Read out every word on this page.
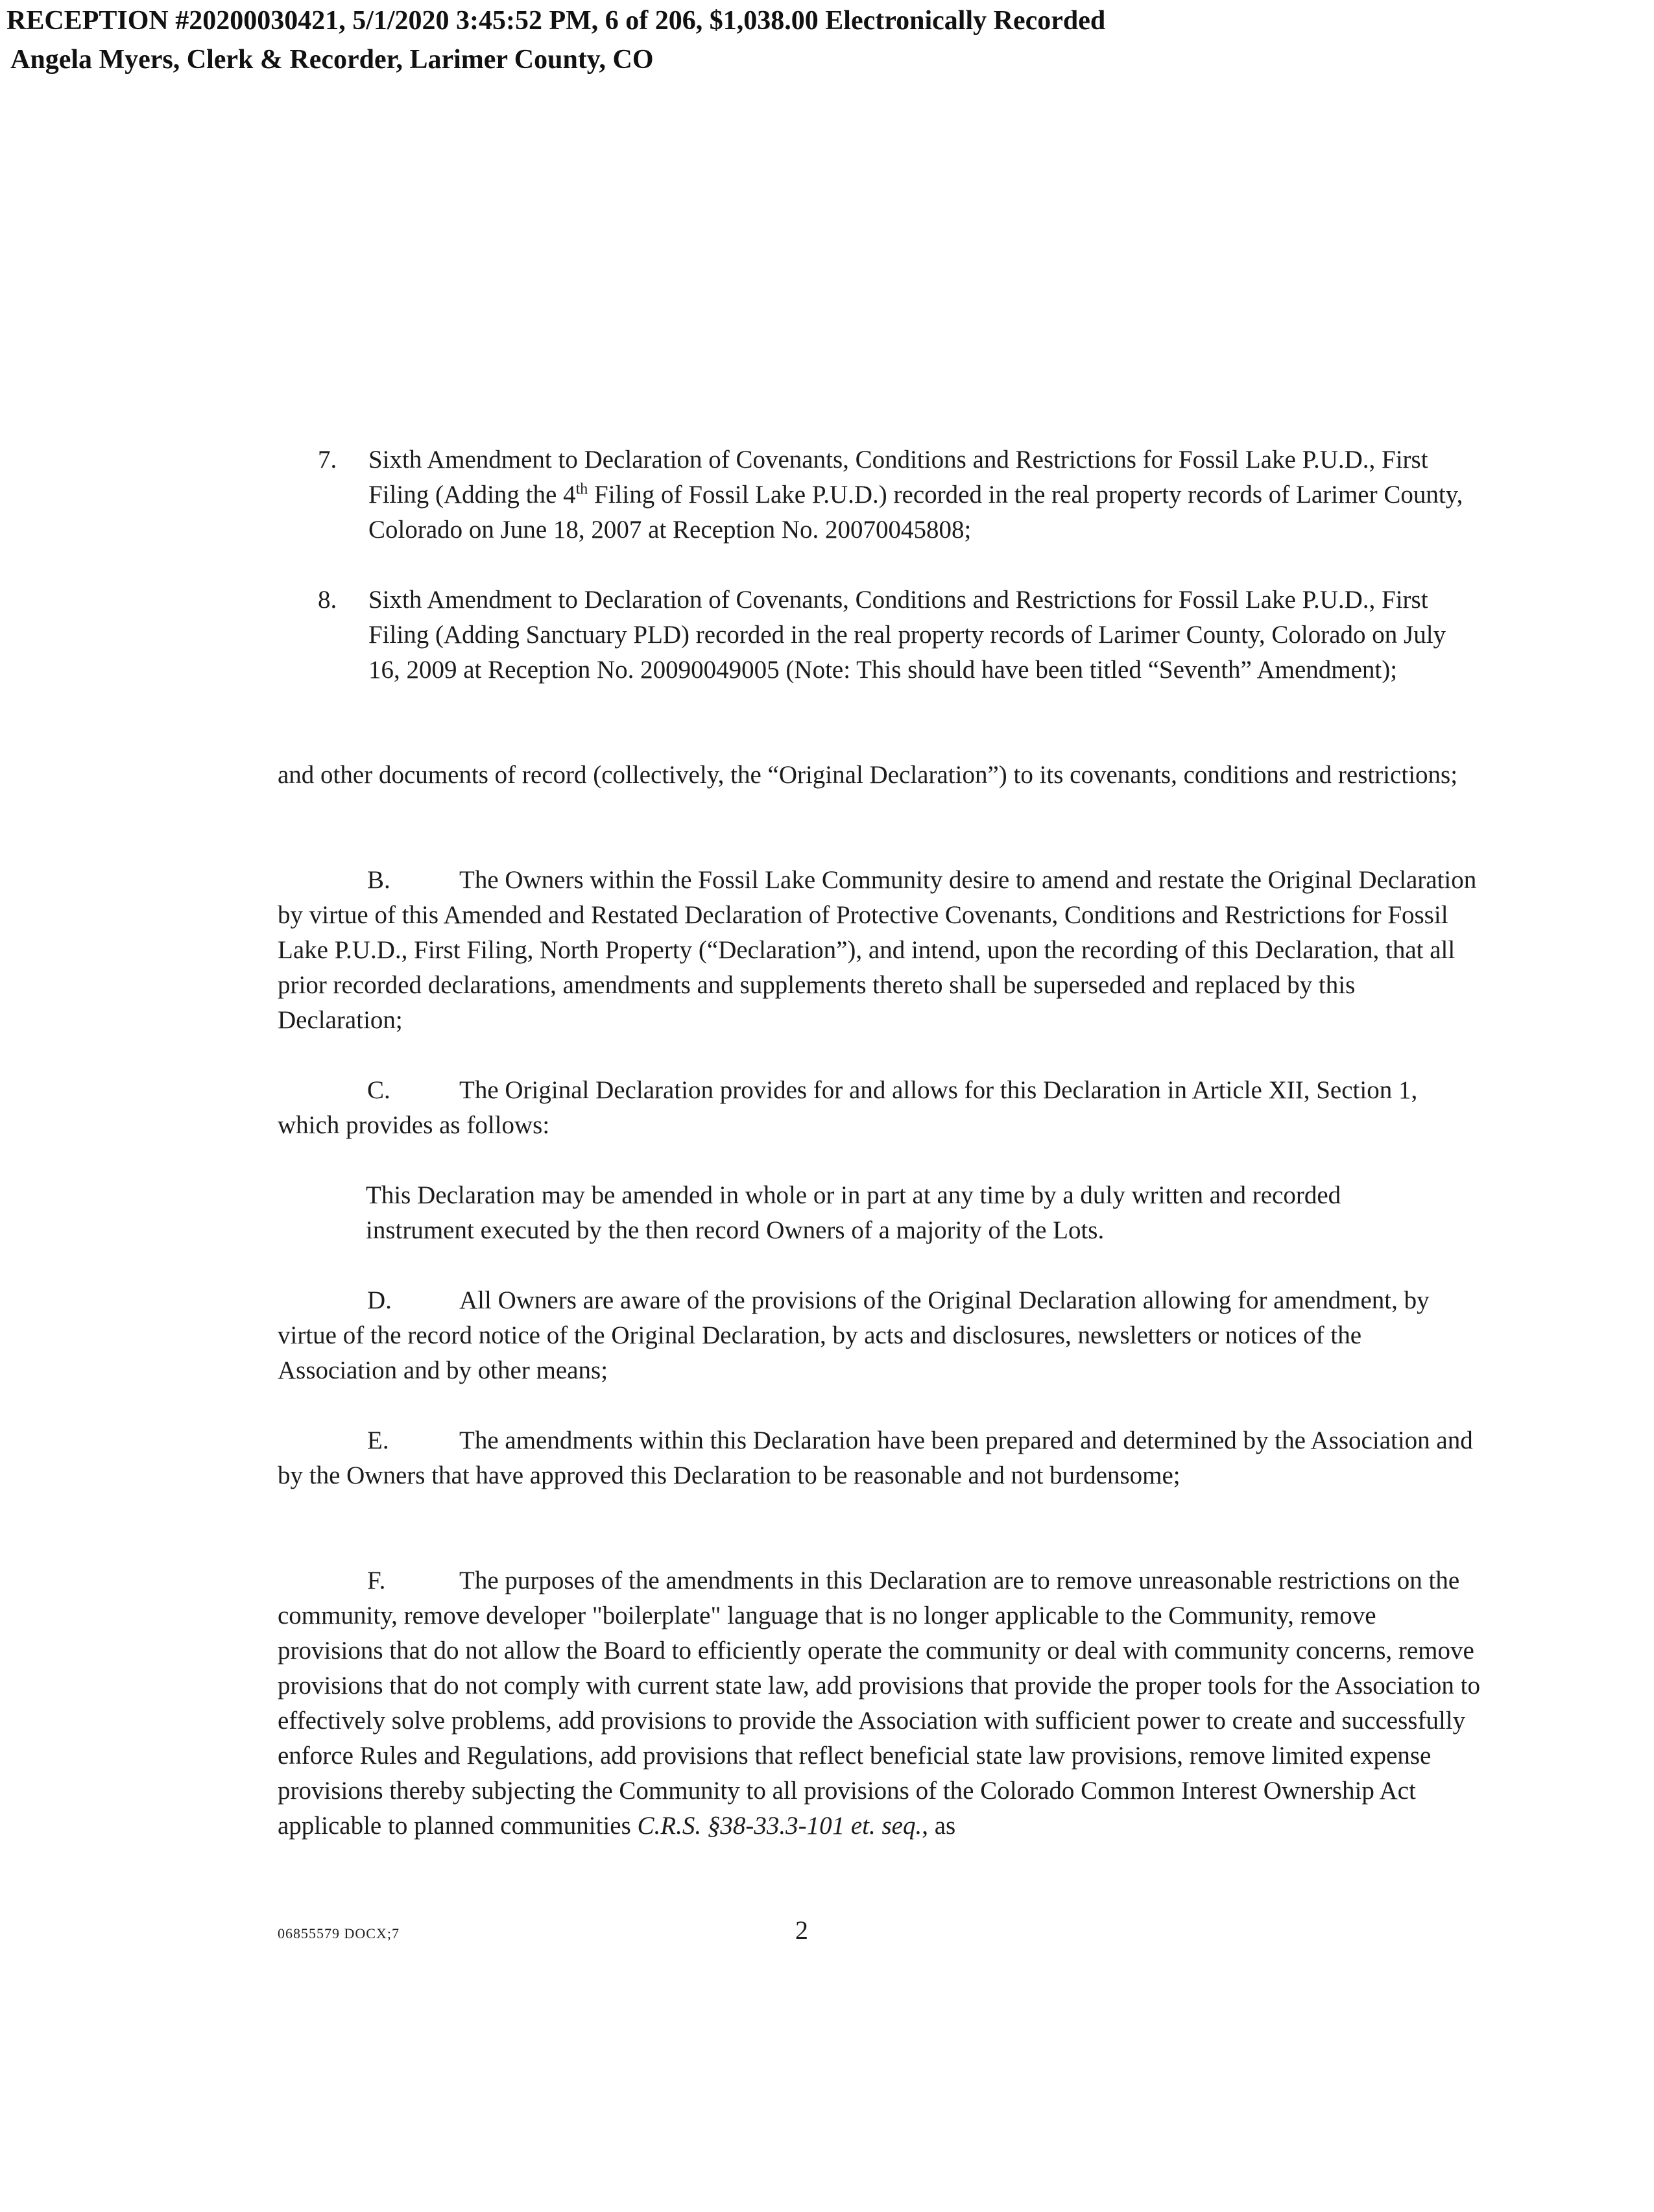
RECEPTION #20200030421, 5/1/2020 3:45:52 PM, 6 of 206, $1,038.00 Electronically Recorded
Angela Myers, Clerk & Recorder, Larimer County, CO
7. Sixth Amendment to Declaration of Covenants, Conditions and Restrictions for Fossil Lake P.U.D., First Filing (Adding the 4th Filing of Fossil Lake P.U.D.) recorded in the real property records of Larimer County, Colorado on June 18, 2007 at Reception No. 20070045808;
8. Sixth Amendment to Declaration of Covenants, Conditions and Restrictions for Fossil Lake P.U.D., First Filing (Adding Sanctuary PLD) recorded in the real property records of Larimer County, Colorado on July 16, 2009 at Reception No. 20090049005 (Note: This should have been titled “Seventh” Amendment);
and other documents of record (collectively, the “Original Declaration”) to its covenants, conditions and restrictions;
B.	The Owners within the Fossil Lake Community desire to amend and restate the Original Declaration by virtue of this Amended and Restated Declaration of Protective Covenants, Conditions and Restrictions for Fossil Lake P.U.D., First Filing, North Property (“Declaration”), and intend, upon the recording of this Declaration, that all prior recorded declarations, amendments and supplements thereto shall be superseded and replaced by this Declaration;
C.	The Original Declaration provides for and allows for this Declaration in Article XII, Section 1, which provides as follows:
This Declaration may be amended in whole or in part at any time by a duly written and recorded instrument executed by the then record Owners of a majority of the Lots.
D.	All Owners are aware of the provisions of the Original Declaration allowing for amendment, by virtue of the record notice of the Original Declaration, by acts and disclosures, newsletters or notices of the Association and by other means;
E.	The amendments within this Declaration have been prepared and determined by the Association and by the Owners that have approved this Declaration to be reasonable and not burdensome;
F.	The purposes of the amendments in this Declaration are to remove unreasonable restrictions on the community, remove developer "boilerplate" language that is no longer applicable to the Community, remove provisions that do not allow the Board to efficiently operate the community or deal with community concerns, remove provisions that do not comply with current state law, add provisions that provide the proper tools for the Association to effectively solve problems, add provisions to provide the Association with sufficient power to create and successfully enforce Rules and Regulations, add provisions that reflect beneficial state law provisions, remove limited expense provisions thereby subjecting the Community to all provisions of the Colorado Common Interest Ownership Act applicable to planned communities C.R.S. §38-33.3-101 et. seq., as
06855579 DOCX;7	2
